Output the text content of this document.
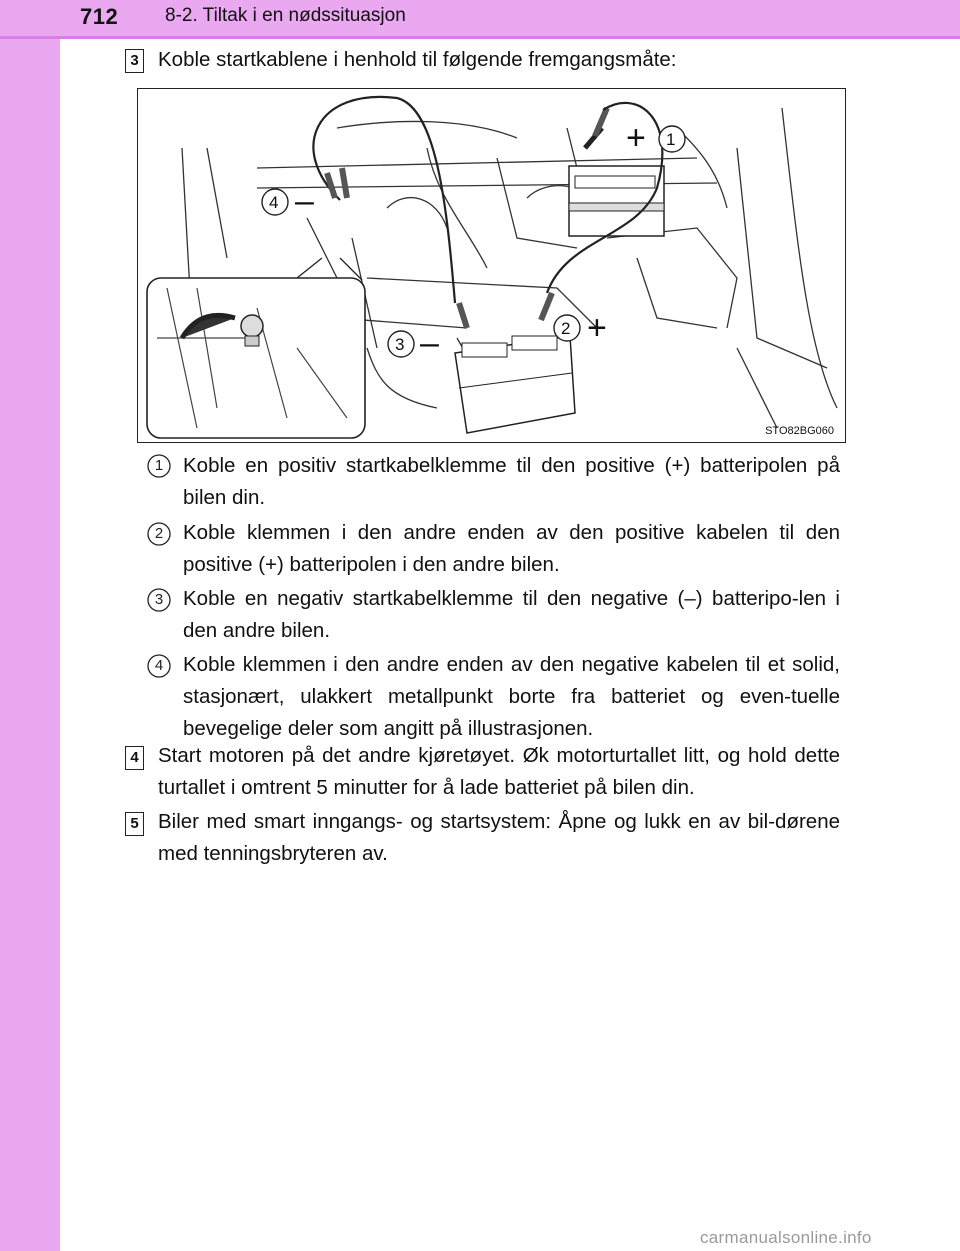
712 8-2. Tiltak i en nødssituasjon
3 Koble startkablene i henhold til følgende fremgangsmåte:
1
+
2 +
3 –
4 –
STO82BG060
1 Koble en positiv startkabelklemme til den positive (+) batteripolen på bilen din.
2 Koble klemmen i den andre enden av den positive kabelen til den positive (+) batteripolen i den andre bilen.
3 Koble en negativ startkabelklemme til den negative (–) batteripo-len i den andre bilen.
4 Koble klemmen i den andre enden av den negative kabelen til et solid, stasjonært, ulakkert metallpunkt borte fra batteriet og even-tuelle bevegelige deler som angitt på illustrasjonen.
4 Start motoren på det andre kjøretøyet. Øk motorturtallet litt, og hold dette turtallet i omtrent 5 minutter for å lade batteriet på bilen din.
5 Biler med smart inngangs- og startsystem: Åpne og lukk en av bil-dørene med tenningsbryteren av.
carmanualsonline.info
